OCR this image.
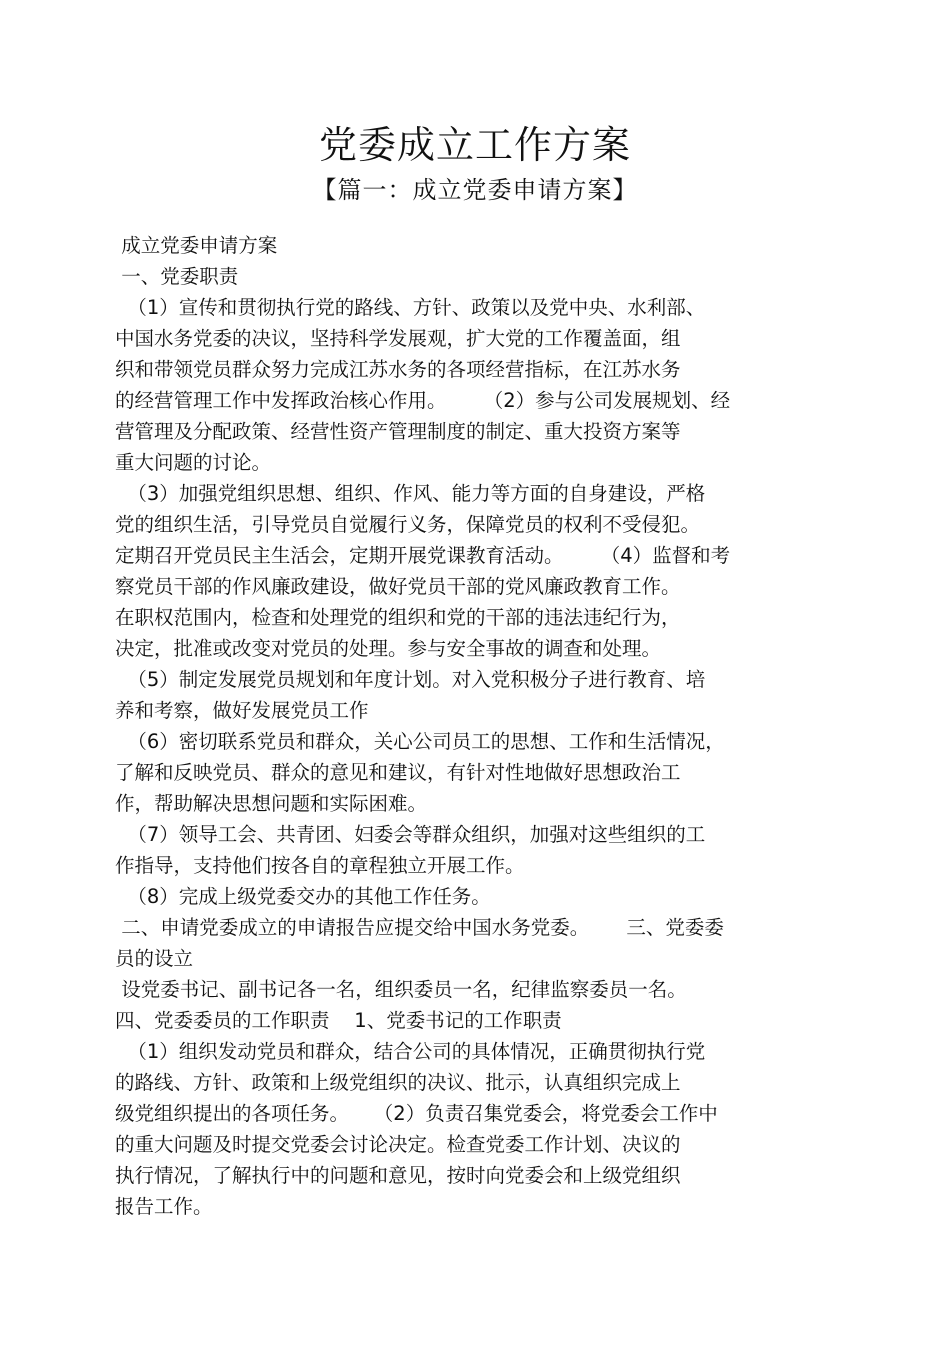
党委成立工作方案
【篇一：成立党委申请方案】
成立党委申请方案
一、党委职责
（1）宣传和贯彻执行党的路线、方针、政策以及党中央、水利部、
中国水务党委的决议，坚持科学发展观，扩大党的工作覆盖面，组
织和带领党员群众努力完成江苏水务的各项经营指标，在江苏水务
的经营管理工作中发挥政治核心作用。      （2）参与公司发展规划、经
营管理及分配政策、经营性资产管理制度的制定、重大投资方案等
重大问题的讨论。
（3）加强党组织思想、组织、作风、能力等方面的自身建设，严格
党的组织生活，引导党员自觉履行义务，保障党员的权利不受侵犯。
定期召开党员民主生活会，定期开展党课教育活动。      （4）监督和考
察党员干部的作风廉政建设，做好党员干部的党风廉政教育工作。
在职权范围内，检查和处理党的组织和党的干部的违法违纪行为，
决定，批准或改变对党员的处理。参与安全事故的调查和处理。
（5）制定发展党员规划和年度计划。对入党积极分子进行教育、培
养和考察，做好发展党员工作
（6）密切联系党员和群众，关心公司员工的思想、工作和生活情况，
了解和反映党员、群众的意见和建议，有针对性地做好思想政治工
作，帮助解决思想问题和实际困难。
（7）领导工会、共青团、妇委会等群众组织，加强对这些组织的工
作指导，支持他们按各自的章程独立开展工作。
（8）完成上级党委交办的其他工作任务。
二、申请党委成立的申请报告应提交给中国水务党委。      三、党委委
员的设立
设党委书记、副书记各一名，组织委员一名，纪律监察委员一名。
四、党委委员的工作职责    1、党委书记的工作职责
（1）组织发动党员和群众，结合公司的具体情况，正确贯彻执行党
的路线、方针、政策和上级党组织的决议、批示，认真组织完成上
级党组织提出的各项任务。    （2）负责召集党委会，将党委会工作中
的重大问题及时提交党委会讨论决定。检查党委工作计划、决议的
执行情况，了解执行中的问题和意见，按时向党委会和上级党组织
报告工作。
